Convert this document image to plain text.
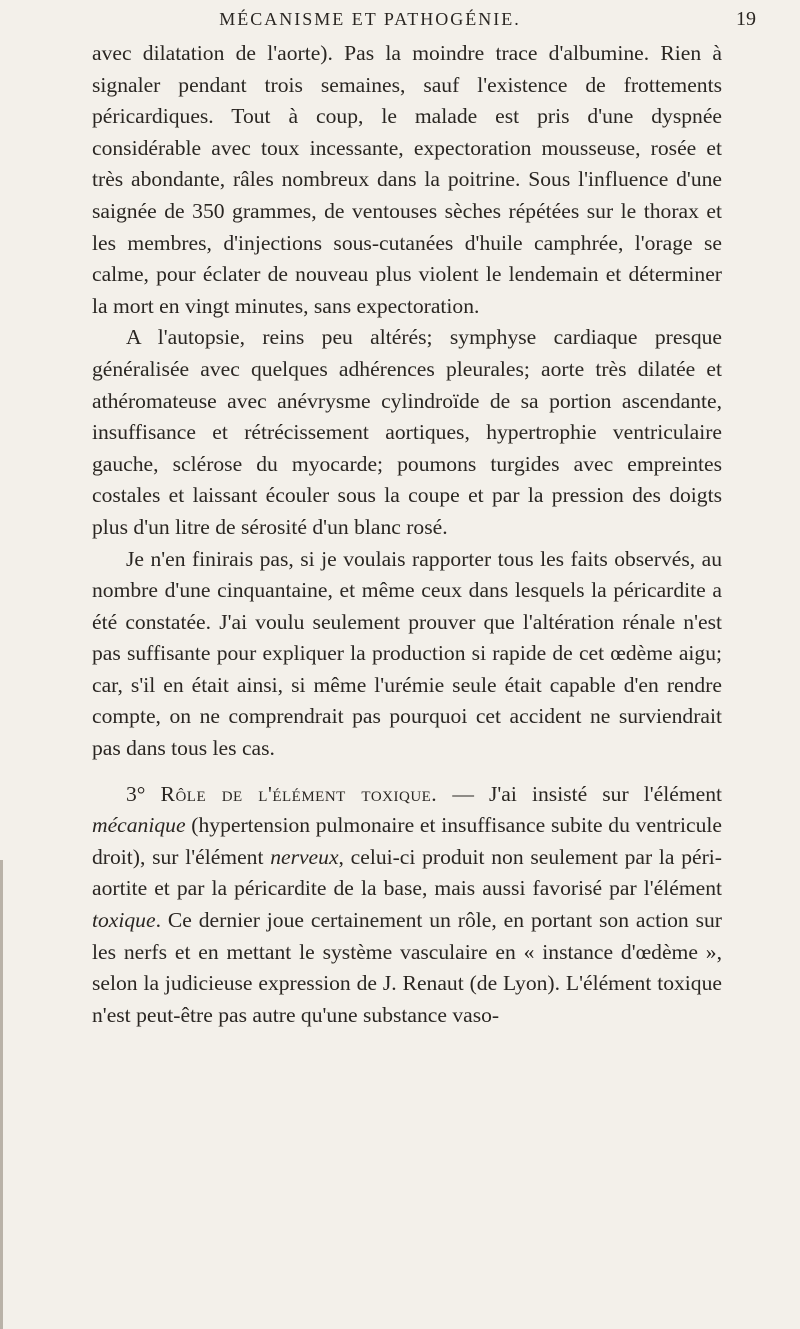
MÉCANISME ET PATHOGÉNIE.	19

avec dilatation de l'aorte). Pas la moindre trace d'albumine. Rien à signaler pendant trois semaines, sauf l'existence de frottements péricardiques. Tout à coup, le malade est pris d'une dyspnée considérable avec toux incessante, expectoration mousseuse, rosée et très abondante, râles nombreux dans la poitrine. Sous l'influence d'une saignée de 350 grammes, de ventouses sèches répétées sur le thorax et les membres, d'injections sous-cutanées d'huile camphrée, l'orage se calme, pour éclater de nouveau plus violent le lendemain et déterminer la mort en vingt minutes, sans expectoration.

A l'autopsie, reins peu altérés; symphyse cardiaque presque généralisée avec quelques adhérences pleurales; aorte très dilatée et athéromateuse avec anévrysme cylindroïde de sa portion ascendante, insuffisance et rétrécissement aortiques, hypertrophie ventriculaire gauche, sclérose du myocarde; poumons turgides avec empreintes costales et laissant écouler sous la coupe et par la pression des doigts plus d'un litre de sérosité d'un blanc rosé.

Je n'en finirais pas, si je voulais rapporter tous les faits observés, au nombre d'une cinquantaine, et même ceux dans lesquels la péricardite a été constatée. J'ai voulu seulement prouver que l'altération rénale n'est pas suffisante pour expliquer la production si rapide de cet œdème aigu; car, s'il en était ainsi, si même l'urémie seule était capable d'en rendre compte, on ne comprendrait pas pourquoi cet accident ne surviendrait pas dans tous les cas.

3° Rôle de l'élément toxique. — J'ai insisté sur l'élément mécanique (hypertension pulmonaire et insuffisance subite du ventricule droit), sur l'élément nerveux, celui-ci produit non seulement par la péri-aortite et par la péricardite de la base, mais aussi favorisé par l'élément toxique. Ce dernier joue certainement un rôle, en portant son action sur les nerfs et en mettant le système vasculaire en « instance d'œdème », selon la judicieuse expression de J. Renaut (de Lyon). L'élément toxique n'est peut-être pas autre qu'une substance vaso-
